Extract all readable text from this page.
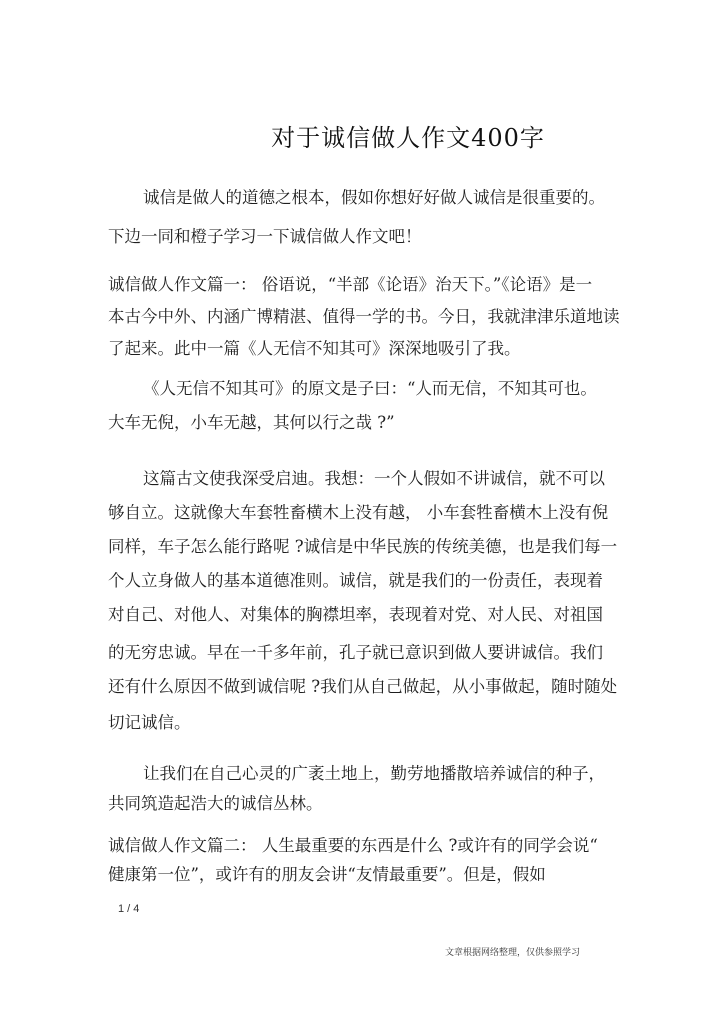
对于诚信做人作文400字
诚信是做人的道德之根本，假如你想好好做人诚信是很重要的。
下边一同和橙子学习一下诚信做人作文吧！
诚信做人作文篇一： 俗语说，“半部《论语》治天下。”《论语》是一
本古今中外、内涵广博精湛、值得一学的书。今日，我就津津乐道地读
了起来。此中一篇《人无信不知其可》深深地吸引了我。
《人无信不知其可》的原文是子曰：“人而无信，不知其可也。
大车无倪，小车无越，其何以行之哉 ?”
这篇古文使我深受启迪。我想：一个人假如不讲诚信，就不可以
够自立。这就像大车套牲畜横木上没有越， 小车套牲畜横木上没有倪
同样，车子怎么能行路呢 ?诚信是中华民族的传统美德，也是我们每一
个人立身做人的基本道德准则。诚信，就是我们的一份责任，表现着
对自己、对他人、对集体的胸襟坦率，表现着对党、对人民、对祖国
的无穷忠诚。早在一千多年前，孔子就已意识到做人要讲诚信。我们
还有什么原因不做到诚信呢 ?我们从自己做起，从小事做起，随时随处
切记诚信。
让我们在自己心灵的广袤土地上，勤劳地播散培养诚信的种子，
共同筑造起浩大的诚信丛林。
诚信做人作文篇二： 人生最重要的东西是什么 ?或许有的同学会说“
健康第一位”，或许有的朋友会讲“友情最重要”。但是，假如
1 / 4
文章根据网络整理，仅供参照学习
